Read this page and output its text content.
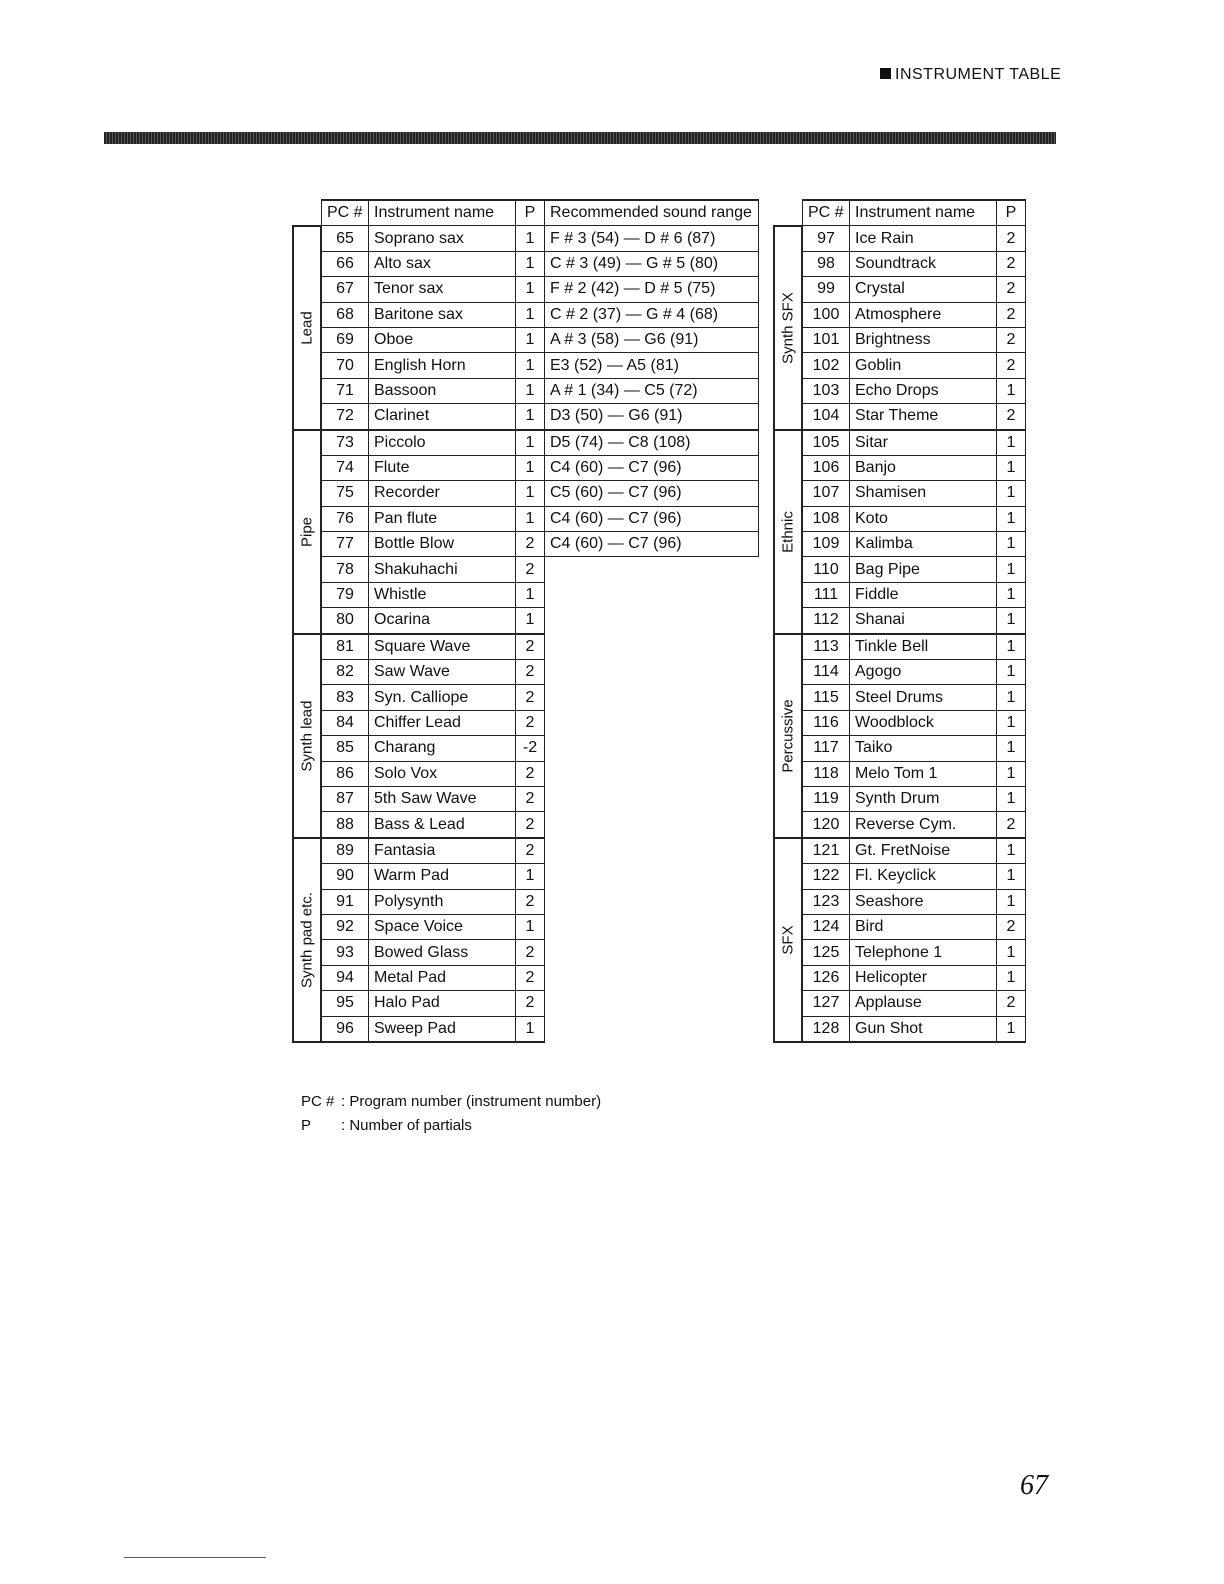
INSTRUMENT TABLE
	PC #	Instrument name	P	Recommended sound range

Lead	65	Soprano sax	1	F # 3 (54) — D # 6 (87)
	66	Alto sax	1	C # 3 (49) — G # 5 (80)
	67	Tenor sax	1	F # 2 (42) — D # 5 (75)
	68	Baritone sax	1	C # 2 (37) — G # 4 (68)
	69	Oboe	1	A # 3 (58) — G6 (91)
	70	English Horn	1	E3 (52) — A5 (81)
	71	Bassoon	1	A # 1 (34) — C5 (72)
	72	Clarinet	1	D3 (50) — G6 (91)

Pipe	73	Piccolo	1	D5 (74) — C8 (108)
	74	Flute	1	C4 (60) — C7 (96)
	75	Recorder	1	C5 (60) — C7 (96)
	76	Pan flute	1	C4 (60) — C7 (96)
	77	Bottle Blow	2	C4 (60) — C7 (96)
	78	Shakuhachi	2	
	79	Whistle	1	
	80	Ocarina	1	

Synth lead	81	Square Wave	2	
	82	Saw Wave	2	
	83	Syn. Calliope	2	
	84	Chiffer Lead	2	
	85	Charang	-2	
	86	Solo Vox	2	
	87	5th Saw Wave	2	
	88	Bass & Lead	2	

Synth pad etc.	89	Fantasia	2	
	90	Warm Pad	1	
	91	Polysynth	2	
	92	Space Voice	1	
	93	Bowed Glass	2	
	94	Metal Pad	2	
	95	Halo Pad	2	
	96	Sweep Pad	1	
	PC #	Instrument name	P

Synth SFX	97	Ice Rain	2
	98	Soundtrack	2
	99	Crystal	2
	100	Atmosphere	2
	101	Brightness	2
	102	Goblin	2
	103	Echo Drops	1
	104	Star Theme	2

Ethnic	105	Sitar	1
	106	Banjo	1
	107	Shamisen	1
	108	Koto	1
	109	Kalimba	1
	110	Bag Pipe	1
	111	Fiddle	1
	112	Shanai	1

Percussive	113	Tinkle Bell	1
	114	Agogo	1
	115	Steel Drums	1
	116	Woodblock	1
	117	Taiko	1
	118	Melo Tom 1	1
	119	Synth Drum	1
	120	Reverse Cym.	2

SFX	121	Gt. FretNoise	1
	122	Fl. Keyclick	1
	123	Seashore	1
	124	Bird	2
	125	Telephone 1	1
	126	Helicopter	1
	127	Applause	2
	128	Gun Shot	1
PC # : Program number (instrument number)
P : Number of partials
67
